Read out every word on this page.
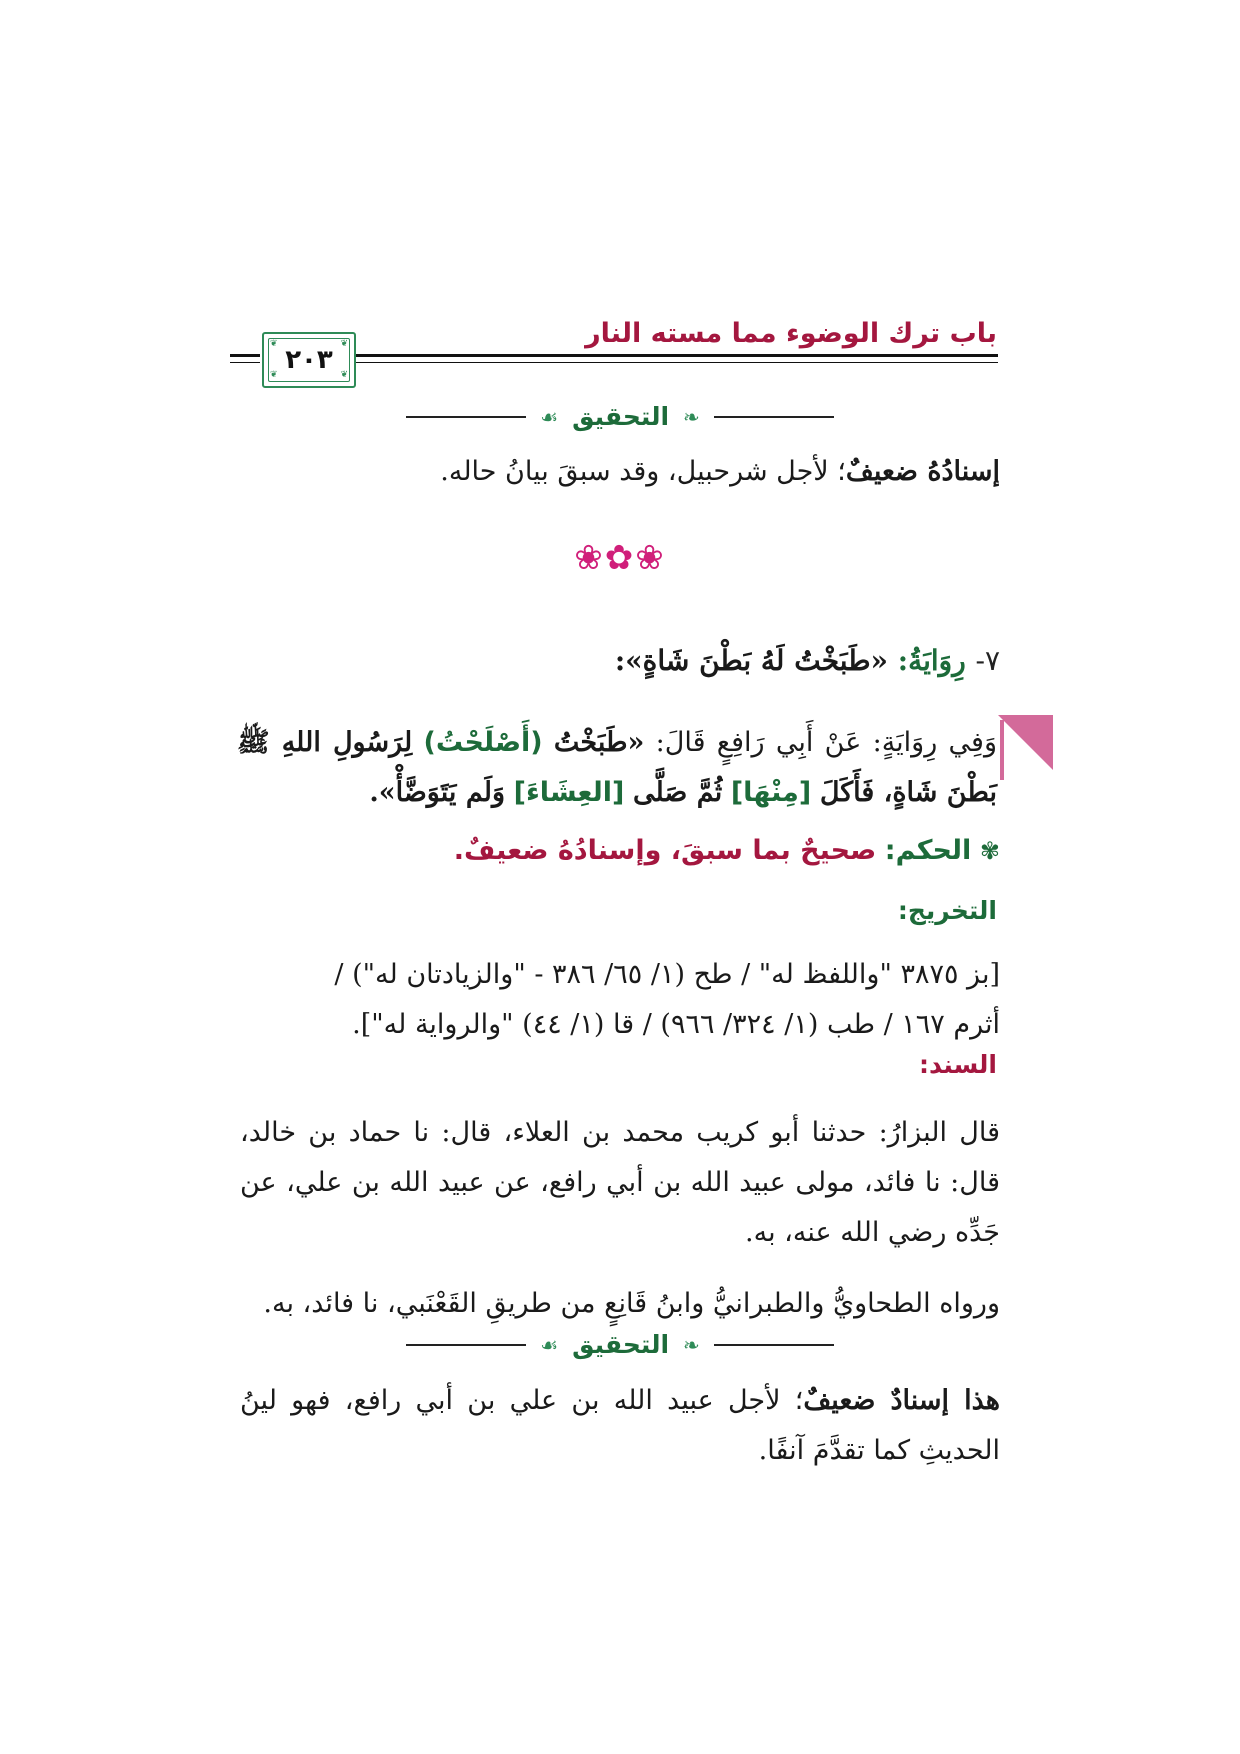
باب ترك الوضوء مما مسته النار
❦	❦
❦	❦
٢٠٣
❧
التحقيق
☙
إسنادُهُ ضعيفٌ؛ لأجل شرحبيل، وقد سبقَ بيانُ حاله.
❀✿❀
٧- رِوَايَةُ: «طَبَخْتُ لَهُ بَطْنَ شَاةٍ»:
وَفِي رِوَايَةٍ: عَنْ أَبِي رَافِعٍ قَالَ: «طَبَخْتُ (أَصْلَحْتُ) لِرَسُولِ اللهِ ﷺ بَطْنَ شَاةٍ، فَأَكَلَ [مِنْهَا] ثُمَّ صَلَّى [العِشَاءَ] وَلَم يَتَوَضَّأْ».
✾ الحكم: صحيحٌ بما سبقَ، وإسنادُهُ ضعيفٌ.
التخريج:
[بز ٣٨٧٥ "واللفظ له" / طح (١/ ٦٥/ ٣٨٦ - "والزيادتان له") /
أثرم ١٦٧ / طب (١/ ٣٢٤/ ٩٦٦) / قا (١/ ٤٤) "والرواية له"].
السند:
قال البزارُ: حدثنا أبو كريب محمد بن العلاء، قال: نا حماد بن خالد، قال: نا فائد، مولى عبيد الله بن أبي رافع، عن عبيد الله بن علي، عن جَدِّه رضي الله عنه، به.
ورواه الطحاويُّ والطبرانيُّ وابنُ قَانِعٍ من طريقِ القَعْنَبي، نا فائد، به.
❧
التحقيق
☙
هذا إسنادٌ ضعيفٌ؛ لأجل عبيد الله بن علي بن أبي رافع، فهو لينُ الحديثِ كما تقدَّمَ آنفًا.
